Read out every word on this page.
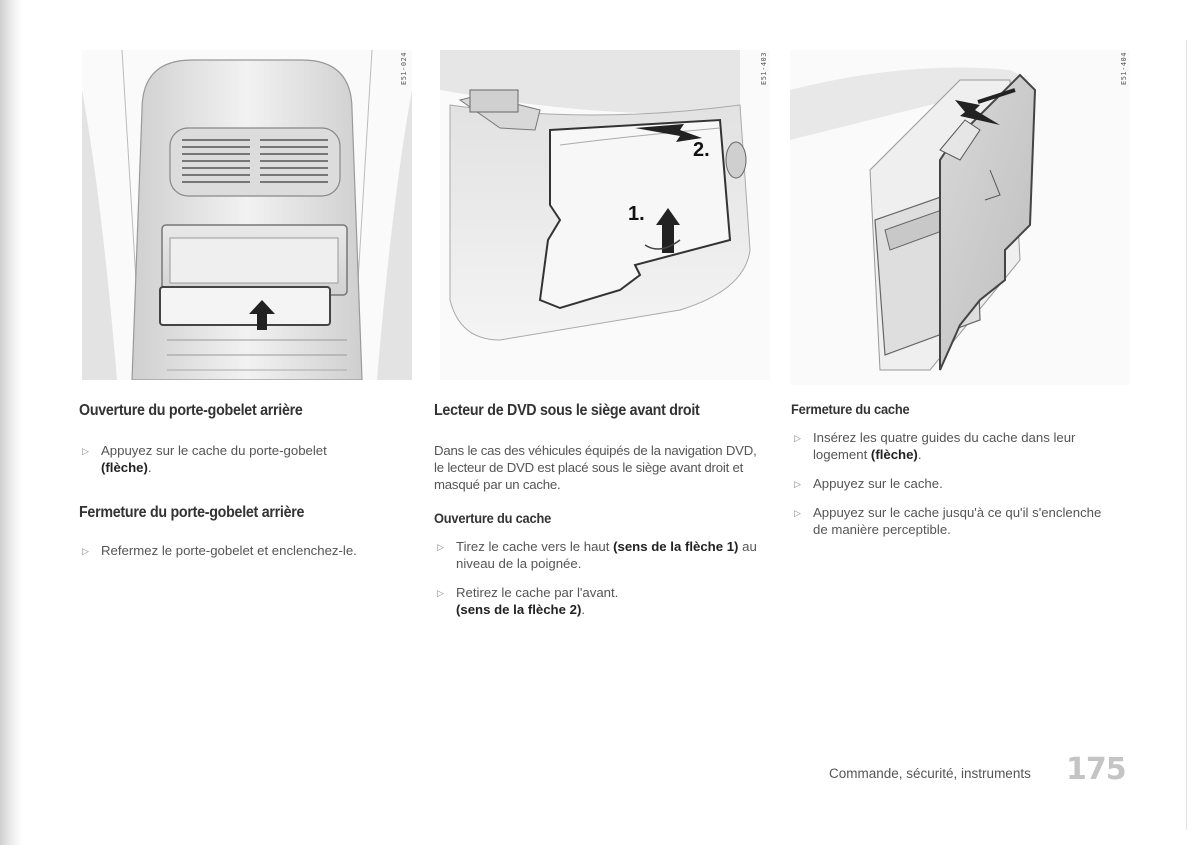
E51-024
1.
2.
E51-403	E51-404
Ouverture du porte-gobelet arrière
▷ Appuyez sur le cache du porte-gobelet
(flèche).
Fermeture du porte-gobelet arrière
▷ Refermez le porte-gobelet et enclenchez-le.
Lecteur de DVD sous le siège avant droit
Dans le cas des véhicules équipés de la navigation DVD, le lecteur de DVD est placé sous le siège avant droit et masqué par un cache.
Ouverture du cache
▷ Tirez le cache vers le haut (sens de la flèche 1) au niveau de la poignée.
▷ Retirez le cache par l'avant.
(sens de la flèche 2).
Fermeture du cache
▷ Insérez les quatre guides du cache dans leur logement (flèche).
▷ Appuyez sur le cache.
▷ Appuyez sur le cache jusqu'à ce qu'il s'enclenche de manière perceptible.
Commande, sécurité, instruments 175
